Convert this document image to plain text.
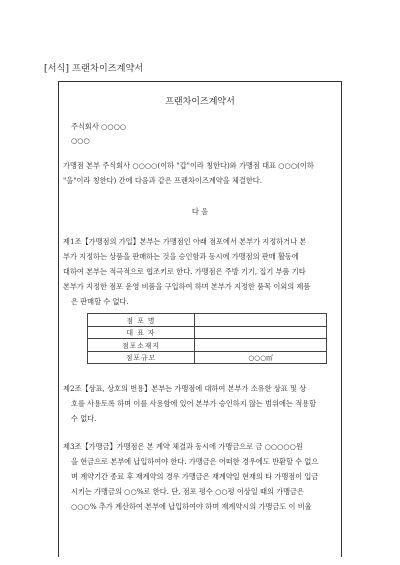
[서식] 프랜차이즈계약서
프랜차이즈계약서
주식회사 ○○○○
○○○
가맹점 본부 주식회사 ○○○○(이하 "갑"이라 칭한다)와 가맹점 대표 ○○○(이하
"을"이라 칭한다) 간에 다음과 같은 프랜차이즈계약을 체결한다.
다 음
제1조【가맹점의 가입】본부는 가맹점인 아래 점포에서 본부가 지정하거나 본
부가 지정하는 상품을 판매하는 것을 승인함과 동시에 가맹점의 판매 활동에
대하여 본부는 적극적으로 협조키로 한다. 가맹점은 주방 기기, 집기 부품 기타
본부가 지정한 점포 운영 비품을 구입하여 하며 본부가 지정한 품목 이외의 제품
은 판매할 수 없다.
점 포 명	
대 표 자	
점포소재지	
점포규모	○○○㎡
제2조【상표, 상호의 번용】본부는 가맹점에 대하여 본부가 소유한 상표 및 상
호를 사용토록 하며 이를 사용함에 있어 본부가 승인하지 않는 범위에는 적용할
수 없다.
제3조【가맹금】가맹점은 본 계약 체결과 동시에 가맹금으로 금 ○○○○○원
을 현금으로 본부에 납입하여야 한다. 가맹금은 어떠한 경우에도 반환할 수 없으
며 계약기간 종료 후 재계약의 경우 가맹금은 재계약일 현재의 타 가맹점이 입금
시키는 가맹금의 ○○%로 한다. 단, 점포 평수 ○○평 이상일 때의 가맹금은
○○○% 추가 계산하여 본부에 납입하여야 하며 재계약시의 가맹금도 이 비율
